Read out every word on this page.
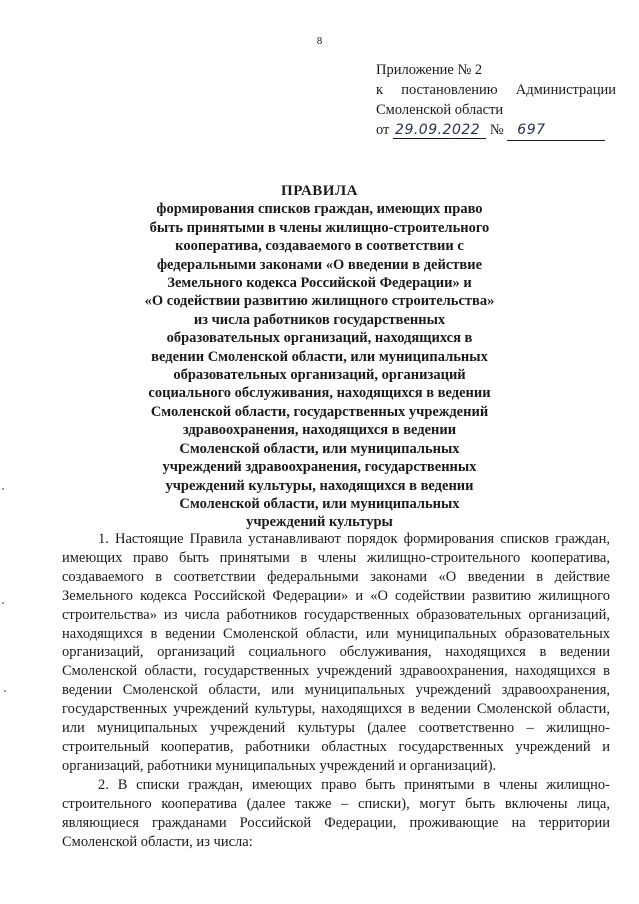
8
Приложение № 2
к постановлению Администрации
Смоленской области
от 29.09.2022 № 697
ПРАВИЛА
формирования списков граждан, имеющих право
быть принятыми в члены жилищно-строительного
кооператива, создаваемого в соответствии с
федеральными законами «О введении в действие
Земельного кодекса Российской Федерации» и
«О содействии развитию жилищного строительства»
из числа работников государственных
образовательных организаций, находящихся в
ведении Смоленской области, или муниципальных
образовательных организаций, организаций
социального обслуживания, находящихся в ведении
Смоленской области, государственных учреждений
здравоохранения, находящихся в ведении
Смоленской области, или муниципальных
учреждений здравоохранения, государственных
учреждений культуры, находящихся в ведении
Смоленской области, или муниципальных
учреждений культуры

1. Настоящие Правила устанавливают порядок формирования списков граждан, имеющих право быть принятыми в члены жилищно-строительного кооператива, создаваемого в соответствии федеральными законами «О введении в действие Земельного кодекса Российской Федерации» и «О содействии развитию жилищного строительства» из числа работников государственных образовательных организаций, находящихся в ведении Смоленской области, или муниципальных образовательных организаций, организаций социального обслуживания, находящихся в ведении Смоленской области, государственных учреждений здравоохранения, находящихся в ведении Смоленской области, или муниципальных учреждений здравоохранения, государственных учреждений культуры, находящихся в ведении Смоленской области, или муниципальных учреждений культуры (далее соответственно – жилищно-строительный кооператив, работники областных государственных учреждений и организаций, работники муниципальных учреждений и организаций).

2. В списки граждан, имеющих право быть принятыми в члены жилищно-строительного кооператива (далее также – списки), могут быть включены лица, являющиеся гражданами Российской Федерации, проживающие на территории Смоленской области, из числа:
